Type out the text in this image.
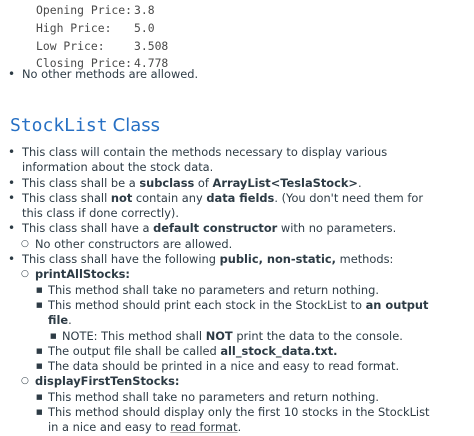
Opening Price: 3.8
High Price: 5.0
Low Price:	3.508
Closing Price: 4.778
• No other methods are allowed.
StockList Class
• This class will contain the methods necessary to display various information about the stock data.
• This class shall be a subclass of ArrayList<TeslaStock>.
• This class shall not contain any data fields. (You don't need them for this class if done correctly).
• This class shall have a default constructor with no parameters.
○ No other constructors are allowed.
• This class shall have the following public, non-static, methods:
○ printAllStocks:
■ This method shall take no parameters and return nothing.
■ This method should print each stock in the StockList to an output file.
■ NOTE: This method shall NOT print the data to the console.
■ The output file shall be called all_stock_data.txt.
■ The data should be printed in a nice and easy to read format.
○ displayFirstTenStocks:
■ This method shall take no parameters and return nothing.
■ This method should display only the first 10 stocks in the StockList in a nice and easy to read format.
